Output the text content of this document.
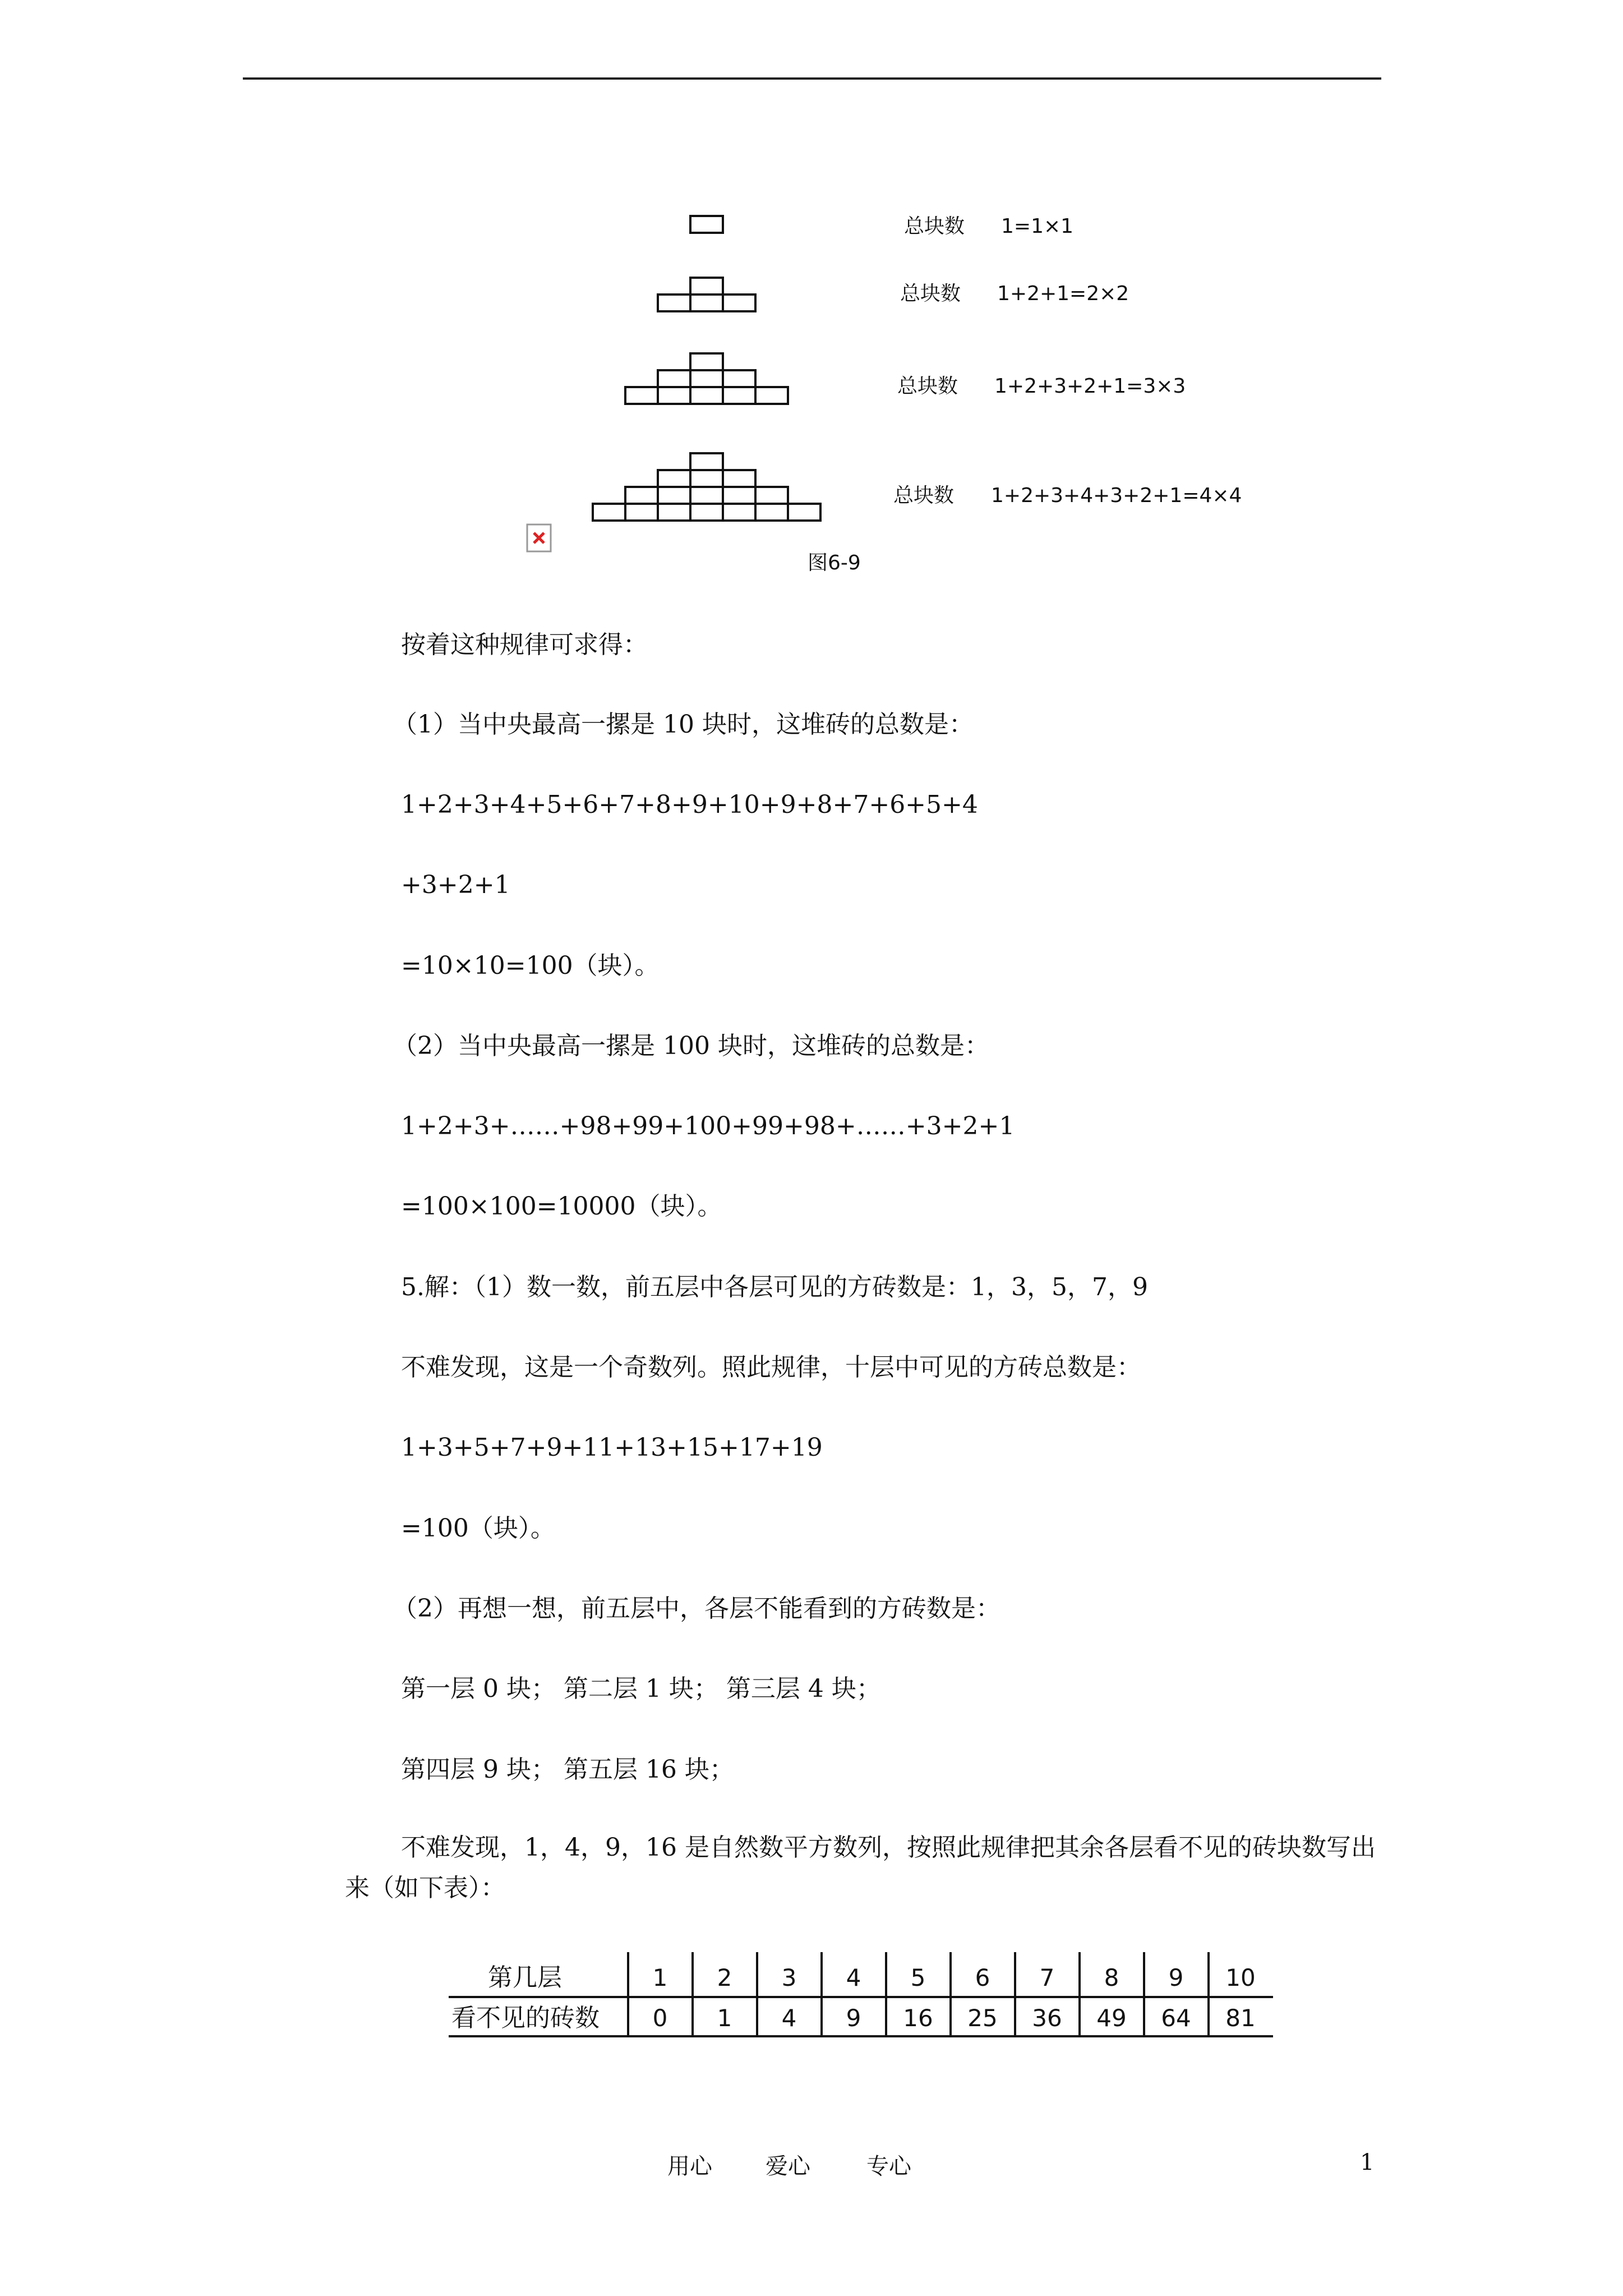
总块数 1=1×1
总块数 1+2+1=2×2
总块数 1+2+3+2+1=3×3
总块数 1+2+3+4+3+2+1=4×4
图6-9
按着这种规律可求得：
（1）当中央最高一摞是 10 块时，这堆砖的总数是：
1+2+3+4+5+6+7+8+9+10+9+8+7+6+5+4
+3+2+1
=10×10=100（块）。
（2）当中央最高一摞是 100 块时，这堆砖的总数是：
1+2+3+……+98+99+100+99+98+……+3+2+1
=100×100=10000（块）。
5.解：（1）数一数，前五层中各层可见的方砖数是：1，3，5，7，9
不难发现，这是一个奇数列。照此规律，十层中可见的方砖总数是：
1+3+5+7+9+11+13+15+17+19
=100（块）。
（2）再想一想，前五层中，各层不能看到的方砖数是：
第一层 0 块； 第二层 1 块； 第三层 4 块；
第四层 9 块； 第五层 16 块；
不难发现，1，4，9，16 是自然数平方数列，按照此规律把其余各层看不见的砖块数写出来（如下表）：
第几层
看不见的砖数
1 2 3 4 5 6 7 8 9 10
0 1 4 9 16 25 36 49 64 81
用心 爱心	专心	1
